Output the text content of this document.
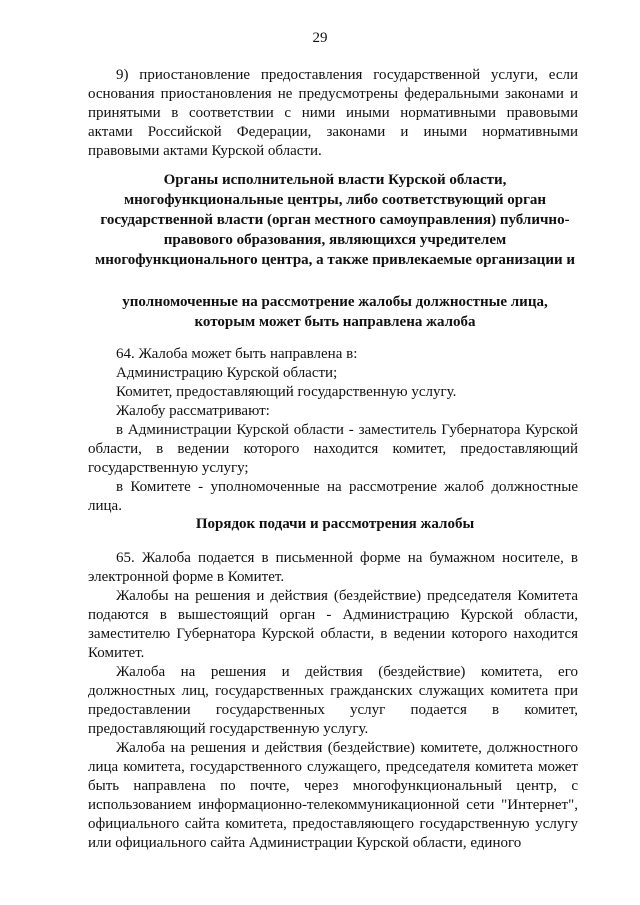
29

9) приостановление предоставления государственной услуги, если основания приостановления не предусмотрены федеральными законами и принятыми в соответствии с ними иными нормативными правовыми актами Российской Федерации, законами и иными нормативными правовыми актами Курской области.

Органы исполнительной власти Курской области,
многофункциональные центры, либо соответствующий орган
государственной власти (орган местного самоуправления) публично-
правового образования, являющихся учредителем
многофункционального центра, а также привлекаемые организации и
уполномоченные на рассмотрение жалобы должностные лица,
которым может быть направлена жалоба

64. Жалоба может быть направлена в:

Администрацию Курской области;

Комитет, предоставляющий государственную услугу.

Жалобу рассматривают:

в Администрации Курской области - заместитель Губернатора Курской области, в ведении которого находится комитет, предоставляющий государственную услугу;

в Комитете - уполномоченные на рассмотрение жалоб должностные лица.

Порядок подачи и рассмотрения жалобы

65. Жалоба подается в письменной форме на бумажном носителе, в электронной форме в Комитет.

Жалобы на решения и действия (бездействие) председателя Комитета подаются в вышестоящий орган - Администрацию Курской области, заместителю Губернатора Курской области, в ведении которого находится Комитет.

Жалоба на решения и действия (бездействие) комитета, его должностных лиц, государственных гражданских служащих комитета при предоставлении государственных услуг подается в комитет, предоставляющий государственную услугу.

Жалоба на решения и действия (бездействие) комитете, должностного лица комитета, государственного служащего, председателя комитета может быть направлена по почте, через многофункциональный центр, с использованием информационно-телекоммуникационной сети "Интернет", официального сайта комитета, предоставляющего государственную услугу или официального сайта Администрации Курской области, единого
